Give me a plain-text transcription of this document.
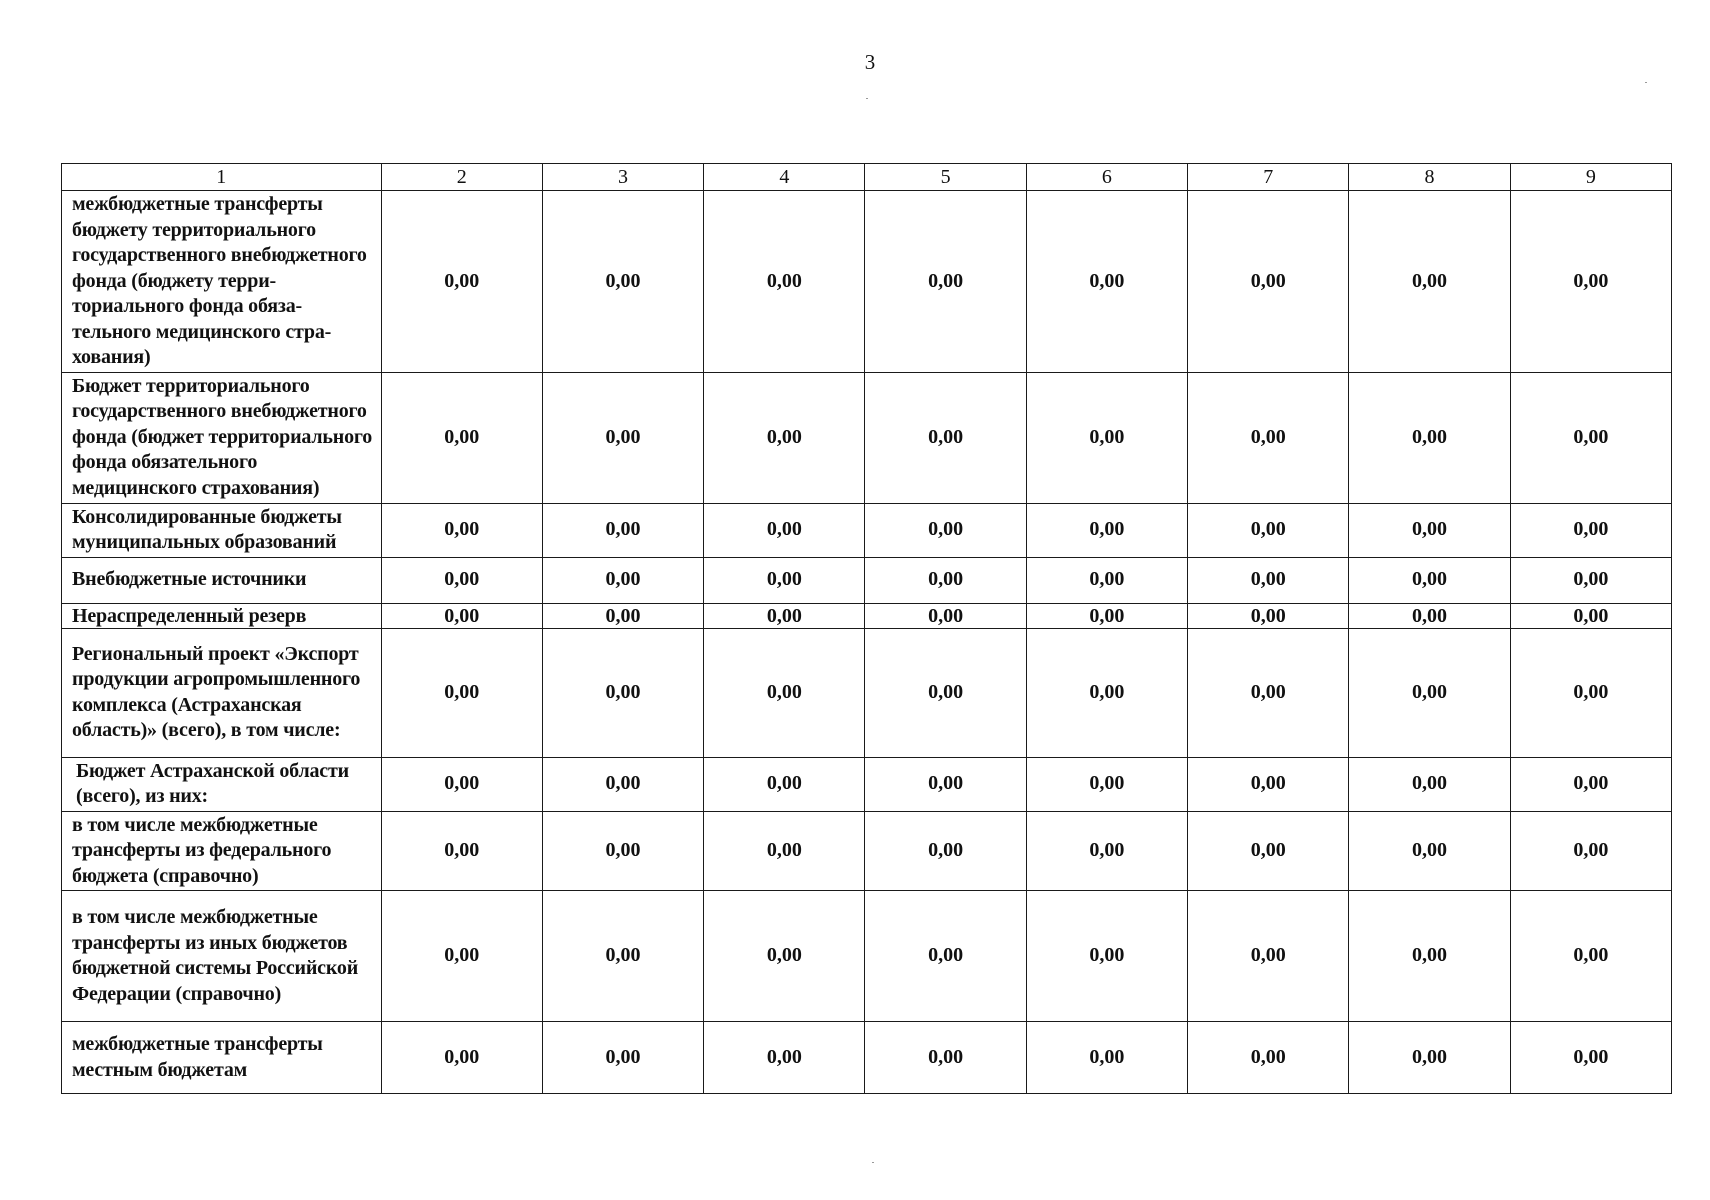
3
1	2	3	4	5	6	7	8	9
межбюджетные трансферты бюджету территориального государственного внебюджетного фонда (бюджету территориального фонда обязательного медицинского страхования)	0,00	0,00	0,00	0,00	0,00	0,00	0,00	0,00
Бюджет территориального государственного внебюджетного фонда (бюджет территориального фонда обязательного медицинского страхования)	0,00	0,00	0,00	0,00	0,00	0,00	0,00	0,00
Консолидированные бюджеты муниципальных образований	0,00	0,00	0,00	0,00	0,00	0,00	0,00	0,00
Внебюджетные источники	0,00	0,00	0,00	0,00	0,00	0,00	0,00	0,00
Нераспределенный резерв	0,00	0,00	0,00	0,00	0,00	0,00	0,00	0,00
Региональный проект «Экспорт продукции агропромышленного комплекса (Астраханская область)» (всего), в том числе:	0,00	0,00	0,00	0,00	0,00	0,00	0,00	0,00
Бюджет Астраханской области (всего), из них:	0,00	0,00	0,00	0,00	0,00	0,00	0,00	0,00
в том числе межбюджетные трансферты из федерального бюджета (справочно)	0,00	0,00	0,00	0,00	0,00	0,00	0,00	0,00
в том числе межбюджетные трансферты из иных бюджетов бюджетной системы Российской Федерации (справочно)	0,00	0,00	0,00	0,00	0,00	0,00	0,00	0,00
межбюджетные трансферты местным бюджетам	0,00	0,00	0,00	0,00	0,00	0,00	0,00	0,00
